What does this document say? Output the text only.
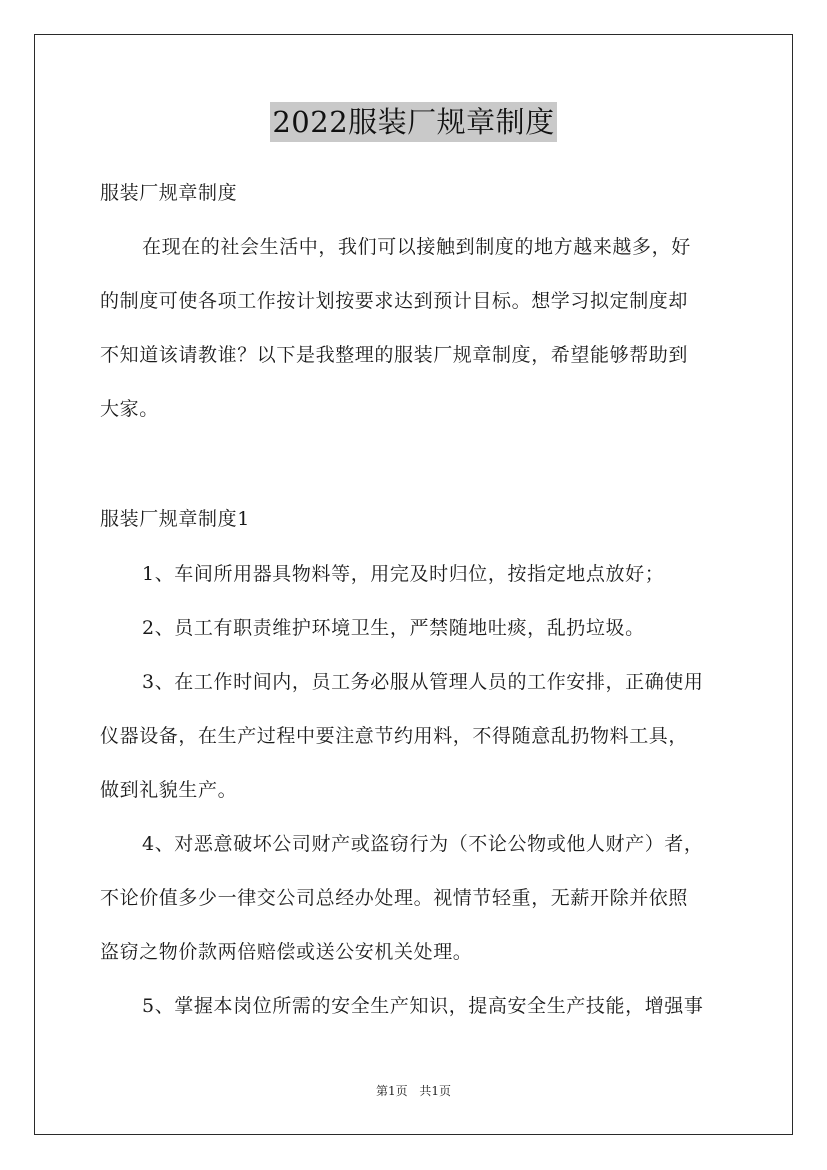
2022服装厂规章制度
服装厂规章制度
在现在的社会生活中，我们可以接触到制度的地方越来越多，好
的制度可使各项工作按计划按要求达到预计目标。想学习拟定制度却
不知道该请教谁？以下是我整理的服装厂规章制度，希望能够帮助到
大家。
服装厂规章制度1
1、车间所用器具物料等，用完及时归位，按指定地点放好；
2、员工有职责维护环境卫生，严禁随地吐痰，乱扔垃圾。
3、在工作时间内，员工务必服从管理人员的工作安排，正确使用
仪器设备，在生产过程中要注意节约用料，不得随意乱扔物料工具，
做到礼貌生产。
4、对恶意破坏公司财产或盗窃行为（不论公物或他人财产）者，
不论价值多少一律交公司总经办处理。视情节轻重，无薪开除并依照
盗窃之物价款两倍赔偿或送公安机关处理。
5、掌握本岗位所需的安全生产知识，提高安全生产技能，增强事
第1页 共1页
